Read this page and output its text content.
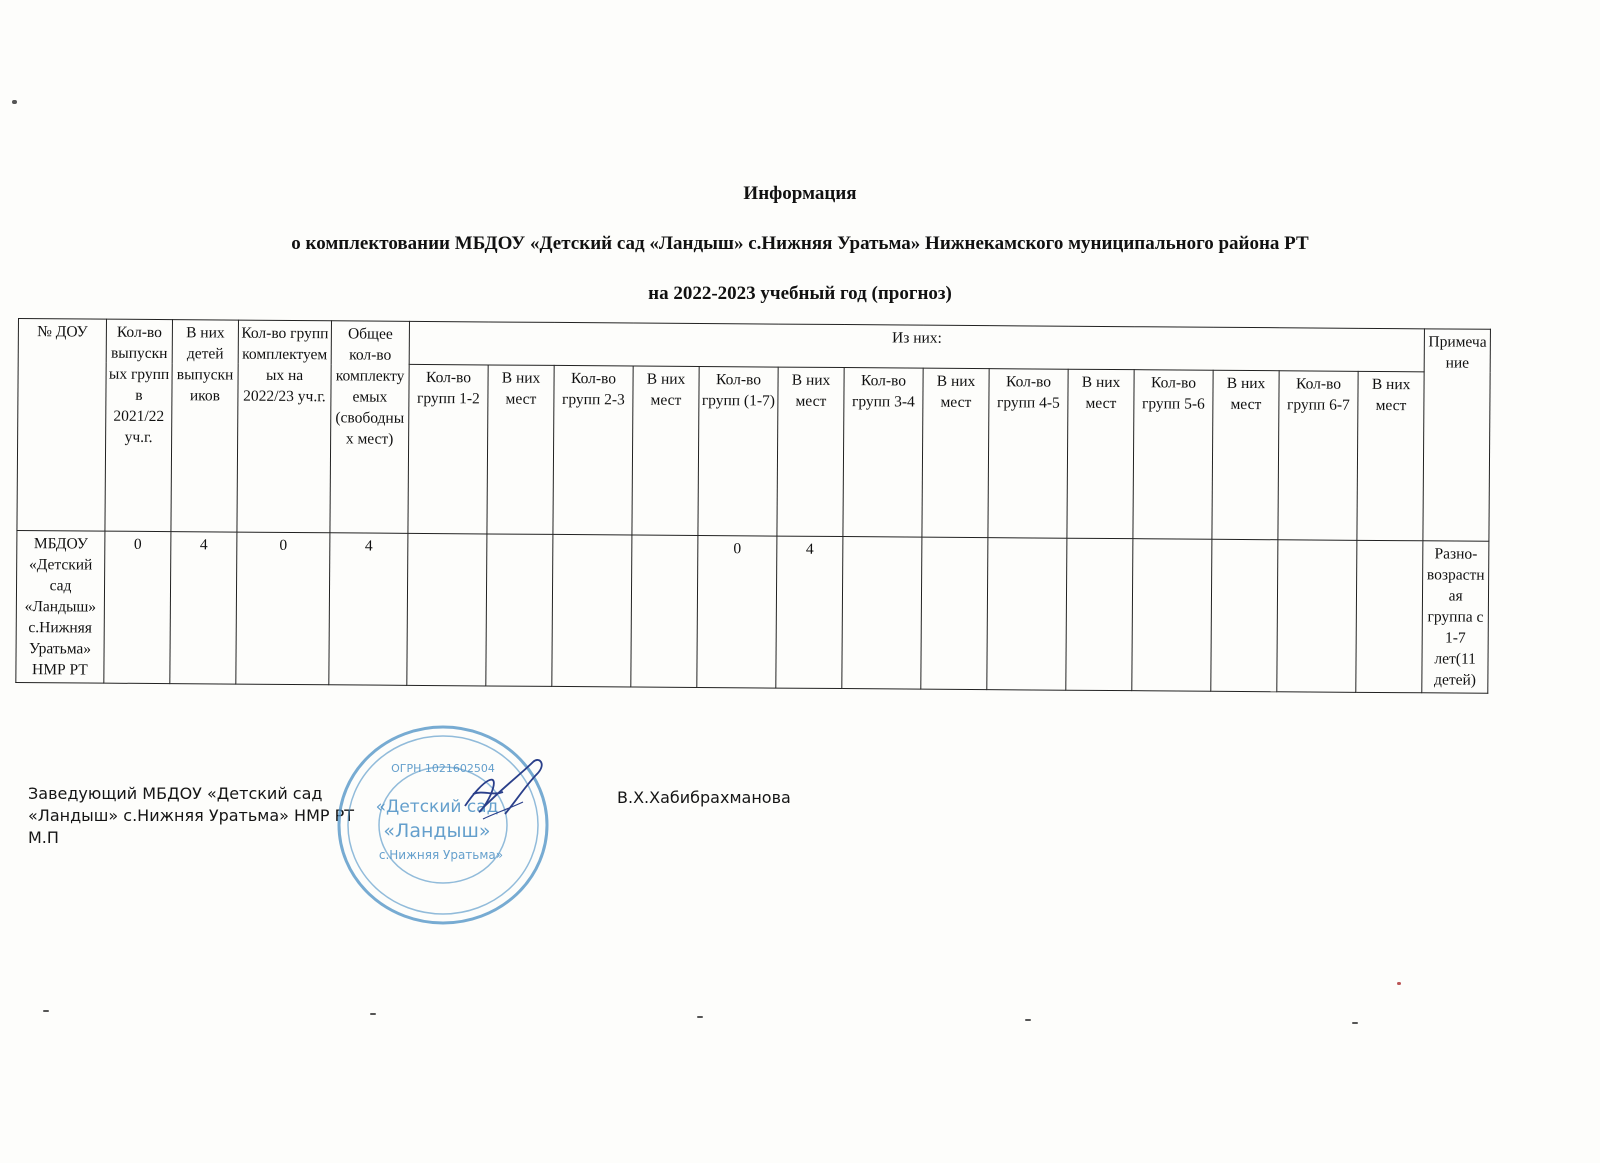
Информация
о комплектовании МБДОУ «Детский сад «Ландыш» с.Нижняя Уратьма» Нижнекамского муниципального района РТ
на 2022-2023 учебный год (прогноз)
№ ДОУ	Кол-во выпускных групп в 2021/22 уч.г.	В них детей выпускников	Кол-во групп комплектуемых на 2022/23 уч.г.	Общее кол-во комплектуемых (свободных мест)	Из них:														Примечание
					Кол-во групп 1-2	В них мест	Кол-во групп 2-3	В них мест	Кол-во групп (1-7)	В них мест	Кол-во групп 3-4	В них мест	Кол-во групп 4-5	В них мест	Кол-во групп 5-6	В них мест	Кол-во групп 6-7	В них мест	
МБДОУ «Детский сад «Ландыш» с.Нижняя Уратьма» НМР РТ	0	4	0	4					0	4									Разно-возрастная группа с 1-7 лет(11 детей)
Заведующий МБДОУ «Детский сад
«Ландыш» с.Нижняя Уратьма» НМР РТ
М.П
В.Х.Хабибрахманова
ОГРН 1021602504
«Детский сад
«Ландыш»
с.Нижняя Уратьма»
